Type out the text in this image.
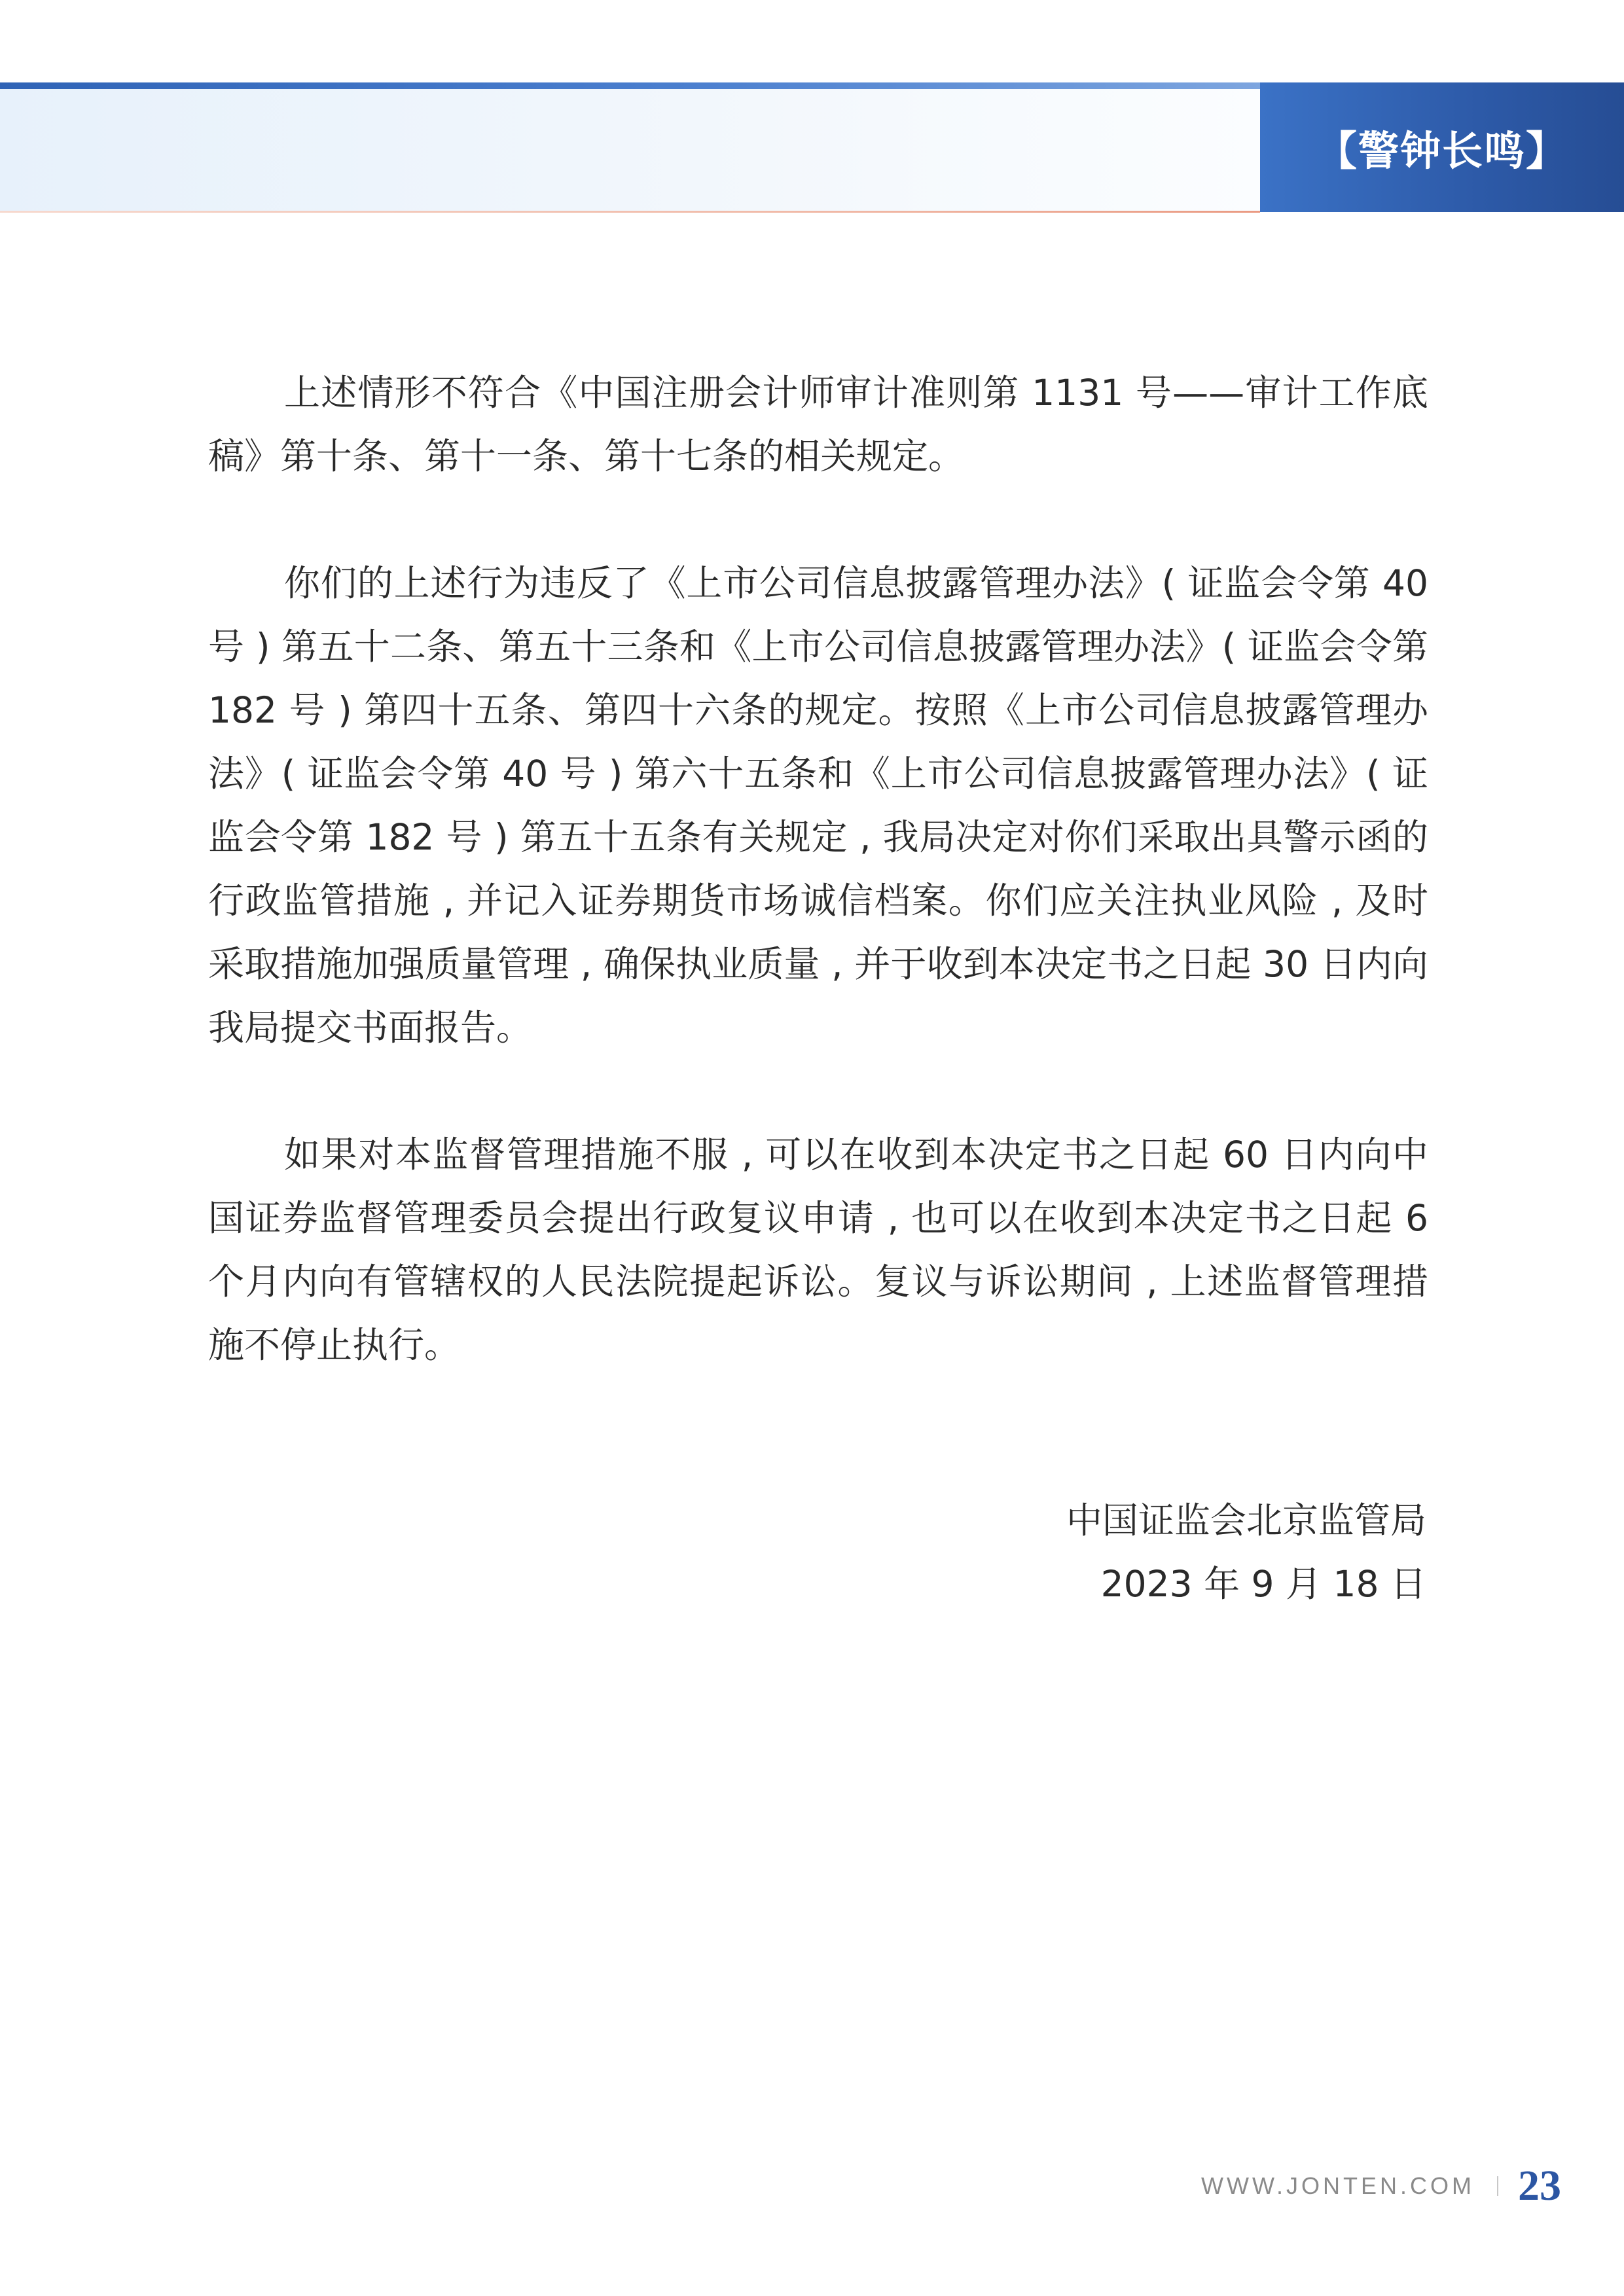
【警钟长鸣】

上述情形不符合《中国注册会计师审计准则第 1131 号——审计工作底稿》第十条、第十一条、第十七条的相关规定。

你们的上述行为违反了《上市公司信息披露管理办法》( 证监会令第 40 号 ) 第五十二条、第五十三条和《上市公司信息披露管理办法》( 证监会令第 182 号 ) 第四十五条、第四十六条的规定。按照《上市公司信息披露管理办法》( 证监会令第 40 号 ) 第六十五条和《上市公司信息披露管理办法》( 证监会令第 182 号 ) 第五十五条有关规定 , 我局决定对你们采取出具警示函的行政监管措施 , 并记入证券期货市场诚信档案。你们应关注执业风险 , 及时采取措施加强质量管理 , 确保执业质量 , 并于收到本决定书之日起 30 日内向我局提交书面报告。

如果对本监督管理措施不服 , 可以在收到本决定书之日起 60 日内向中国证券监督管理委员会提出行政复议申请 , 也可以在收到本决定书之日起 6 个月内向有管辖权的人民法院提起诉讼。复议与诉讼期间 , 上述监督管理措施不停止执行。

中国证监会北京监管局
2023 年 9 月 18 日
WWW.JONTEN.COM 23
